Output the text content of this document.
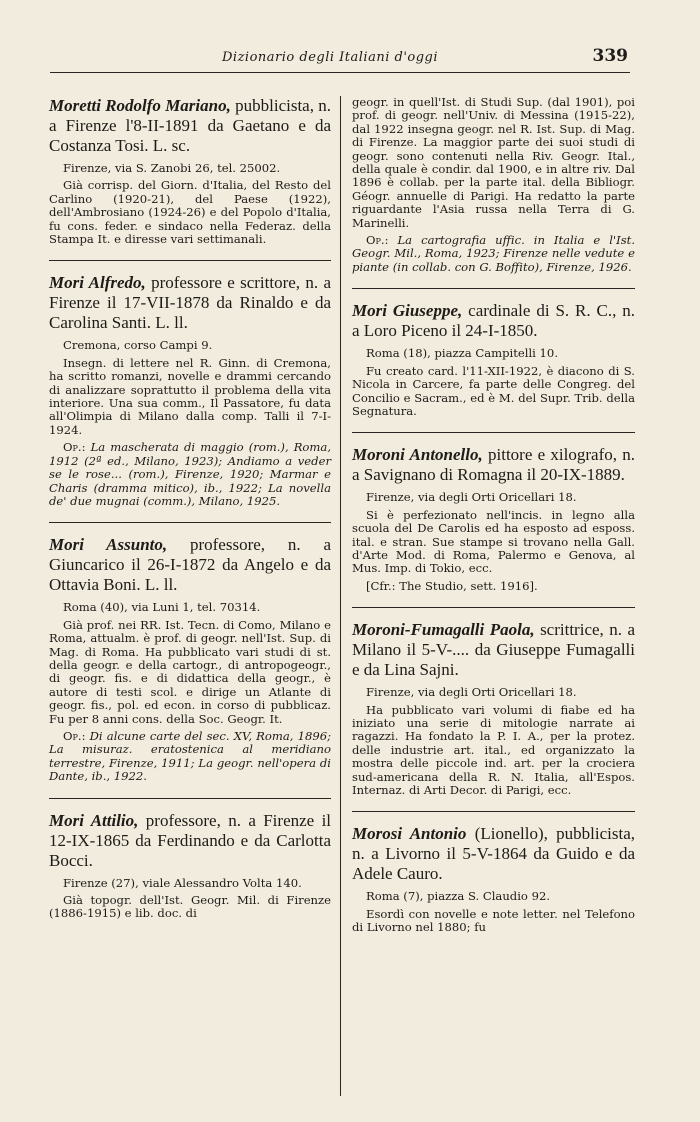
Dizionario degli Italiani d'oggi	339
Moretti Rodolfo Mariano, pubblicista, n. a Firenze l'8-II-1891 da Gaetano e da Costanza Tosi. L. sc.

Firenze, via S. Zanobi 26, tel. 25002.

Già corrisp. del Giorn. d'Italia, del Resto del Carlino (1920-21), del Paese (1922), dell'Ambrosiano (1924-26) e del Popolo d'Italia, fu cons. feder. e sindaco nella Federaz. della Stampa It. e diresse vari settimanali.

Mori Alfredo, professore e scrittore, n. a Firenze il 17-VII-1878 da Rinaldo e da Carolina Santi. L. ll.

Cremona, corso Campi 9.

Insegn. di lettere nel R. Ginn. di Cremona, ha scritto romanzi, novelle e drammi cercando di analizzare soprattutto il problema della vita interiore. Una sua comm., Il Passatore, fu data all'Olimpia di Milano dalla comp. Talli il 7-I-1924.

Op.: La mascherata di maggio (rom.), Roma, 1912 (2ª ed., Milano, 1923); Andiamo a veder se le rose... (rom.), Firenze, 1920; Marmar e Charis (dramma mitico), ib., 1922; La novella de' due mugnai (comm.), Milano, 1925.

Mori Assunto, professore, n. a Giuncarico il 26-I-1872 da Angelo e da Ottavia Boni. L. ll.

Roma (40), via Luni 1, tel. 70314.

Già prof. nei RR. Ist. Tecn. di Como, Milano e Roma, attualm. è prof. di geogr. nell'Ist. Sup. di Mag. di Roma. Ha pubblicato vari studi di st. della geogr. e della cartogr., di antropogeogr., di geogr. fis. e di didattica della geogr., è autore di testi scol. e dirige un Atlante di geogr. fis., pol. ed econ. in corso di pubblicaz. Fu per 8 anni cons. della Soc. Geogr. It.

Op.: Di alcune carte del sec. XV, Roma, 1896; La misuraz. eratostenica al meridiano terrestre, Firenze, 1911; La geogr. nell'opera di Dante, ib., 1922.

Mori Attilio, professore, n. a Firenze il 12-IX-1865 da Ferdinando e da Carlotta Bocci.

Firenze (27), viale Alessandro Volta 140.

Già topogr. dell'Ist. Geogr. Mil. di Firenze (1886-1915) e lib. doc. di

geogr. in quell'Ist. di Studi Sup. (dal 1901), poi prof. di geogr. nell'Univ. di Messina (1915-22), dal 1922 insegna geogr. nel R. Ist. Sup. di Mag. di Firenze. La maggior parte dei suoi studi di geogr. sono contenuti nella Riv. Geogr. Ital., della quale è condir. dal 1900, e in altre riv. Dal 1896 è collab. per la parte ital. della Bibliogr. Géogr. annuelle di Parigi. Ha redatto la parte riguardante l'Asia russa nella Terra di G. Marinelli.

Op.: La cartografia uffic. in Italia e l'Ist. Geogr. Mil., Roma, 1923; Firenze nelle vedute e piante (in collab. con G. Boffito), Firenze, 1926.

Mori Giuseppe, cardinale di S. R. C., n. a Loro Piceno il 24-I-1850.

Roma (18), piazza Campitelli 10.

Fu creato card. l'11-XII-1922, è diacono di S. Nicola in Carcere, fa parte delle Congreg. del Concilio e Sacram., ed è M. del Supr. Trib. della Segnatura.

Moroni Antonello, pittore e xilografo, n. a Savignano di Romagna il 20-IX-1889.

Firenze, via degli Orti Oricellari 18.

Si è perfezionato nell'incis. in legno alla scuola del De Carolis ed ha esposto ad esposs. ital. e stran. Sue stampe si trovano nella Gall. d'Arte Mod. di Roma, Palermo e Genova, al Mus. Imp. di Tokio, ecc.

[Cfr.: The Studio, sett. 1916].

Moroni-Fumagalli Paola, scrittrice, n. a Milano il 5-V-.... da Giuseppe Fumagalli e da Lina Sajni.

Firenze, via degli Orti Oricellari 18.

Ha pubblicato vari volumi di fiabe ed ha iniziato una serie di mitologie narrate ai ragazzi. Ha fondato la P. I. A., per la protez. delle industrie art. ital., ed organizzato la mostra delle piccole ind. art. per la crociera sud-americana della R. N. Italia, all'Espos. Internaz. di Arti Decor. di Parigi, ecc.

Morosi Antonio (Lionello), pubblicista, n. a Livorno il 5-V-1864 da Guido e da Adele Cauro.

Roma (7), piazza S. Claudio 92.

Esordì con novelle e note letter. nel Telefono di Livorno nel 1880; fu
